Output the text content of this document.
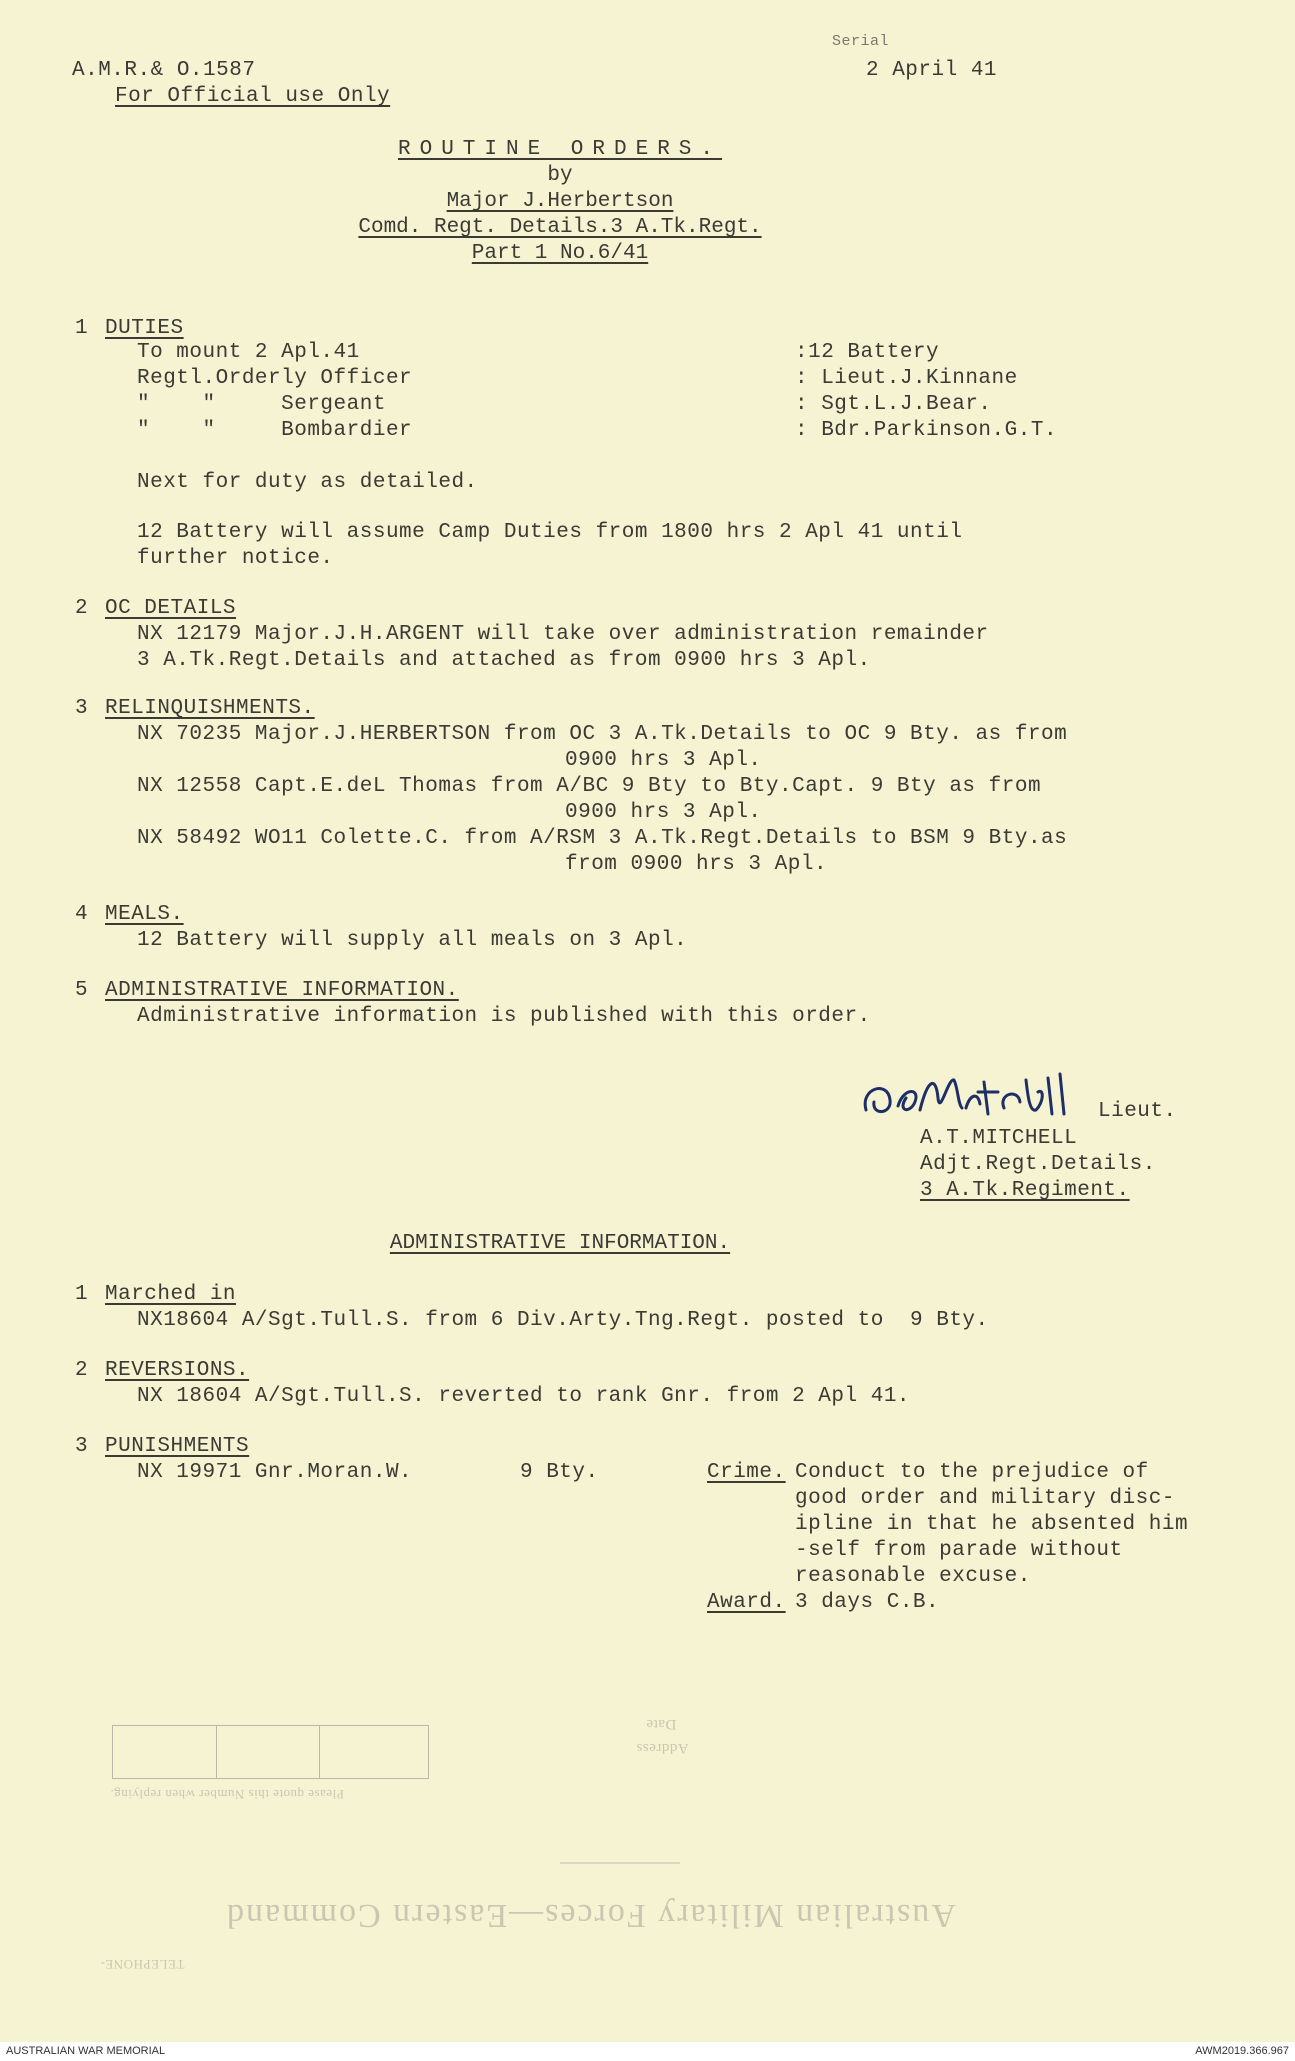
A.M.R.& O.1587
For Official use Only
Serial
2 April 41
ROUTINE ORDERS.
by
Major J.Herbertson
Comd. Regt. Details.3 A.Tk.Regt.
Part 1 No.6/41
1 DUTIES
To mount 2 Apl.41	:12 Battery
Regtl.Orderly Officer	: Lieut.J.Kinnane
"    "     Sergeant	: Sgt.L.J.Bear.
"    "     Bombardier	: Bdr.Parkinson.G.T.
Next for duty as detailed.
12 Battery will assume Camp Duties from 1800 hrs 2 Apl 41 until
further notice.
2 OC DETAILS
NX 12179 Major.J.H.ARGENT will take over administration remainder
3 A.Tk.Regt.Details and attached as from 0900 hrs 3 Apl.
3 RELINQUISHMENTS.
NX 70235 Major.J.HERBERTSON from OC 3 A.Tk.Details to OC 9 Bty. as from
0900 hrs 3 Apl.
NX 12558 Capt.E.deL Thomas from A/BC 9 Bty to Bty.Capt. 9 Bty as from
0900 hrs 3 Apl.
NX 58492 WO11 Colette.C. from A/RSM 3 A.Tk.Regt.Details to BSM 9 Bty.as
from 0900 hrs 3 Apl.
4 MEALS.
12 Battery will supply all meals on 3 Apl.
5 ADMINISTRATIVE INFORMATION.
Administrative information is published with this order.
Lieut.
A.T.MITCHELL
Adjt.Regt.Details.
3 A.Tk.Regiment.
ADMINISTRATIVE INFORMATION.
1 Marched in
NX18604 A/Sgt.Tull.S. from 6 Div.Arty.Tng.Regt. posted to  9 Bty.
2 REVERSIONS.
NX 18604 A/Sgt.Tull.S. reverted to rank Gnr. from 2 Apl 41.
3 PUNISHMENTS
NX 19971 Gnr.Moran.W.	9 Bty.	Crime. Conduct to the prejudice of
good order and military disc-
ipline in that he absented him
-self from parade without
reasonable excuse.
Award. 3 days C.B.
Please quote this Number when replying.
Address
Date
Australian Military Forces—Eastern Command
TELEPHONE-
AUSTRALIAN WAR MEMORIAL	AWM2019.366.967
